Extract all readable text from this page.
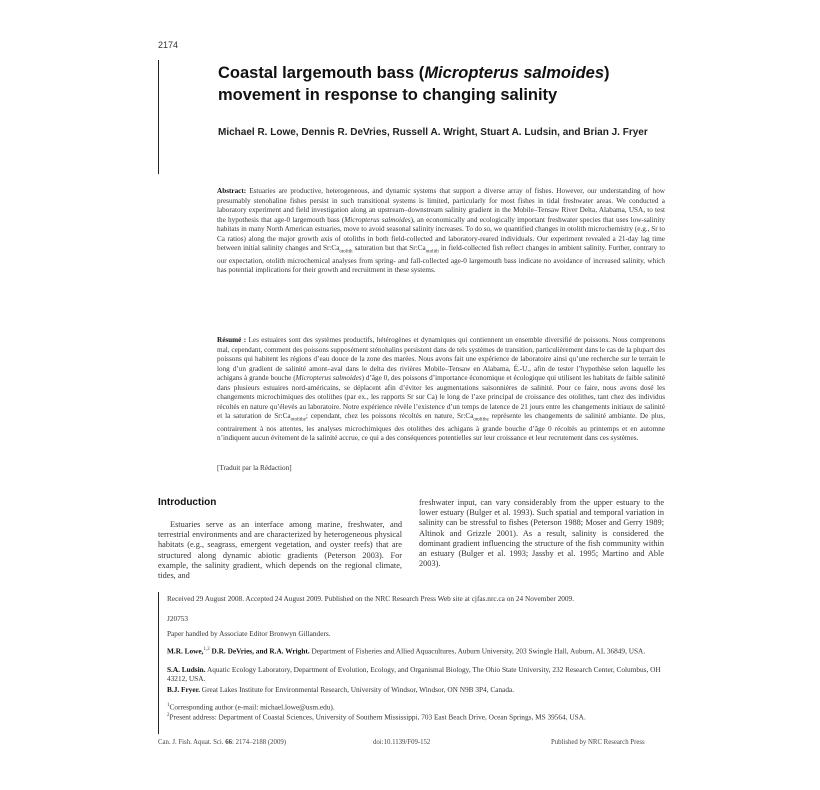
2174
Coastal largemouth bass (Micropterus salmoides) movement in response to changing salinity
Michael R. Lowe, Dennis R. DeVries, Russell A. Wright, Stuart A. Ludsin, and Brian J. Fryer
Abstract: Estuaries are productive, heterogeneous, and dynamic systems that support a diverse array of fishes. However, our understanding of how presumably stenohaline fishes persist in such transitional systems is limited, particularly for most fishes in tidal freshwater areas. We conducted a laboratory experiment and field investigation along an upstream–downstream salinity gradient in the Mobile–Tensaw River Delta, Alabama, USA, to test the hypothesis that age-0 largemouth bass (Micropterus salmoides), an economically and ecologically important freshwater species that uses low-salinity habitats in many North American estuaries, move to avoid seasonal salinity increases. To do so, we quantified changes in otolith microchemistry (e.g., Sr to Ca ratios) along the major growth axis of otoliths in both field-collected and laboratory-reared individuals. Our experiment revealed a 21-day lag time between initial salinity changes and $Sr:Ca_{otolith}$ saturation but that $Sr:Ca_{otolith}$ in field-collected fish reflect changes in ambient salinity. Further, contrary to our expectation, otolith microchemical analyses from spring- and fall-collected age-0 largemouth bass indicate no avoidance of increased salinity, which has potential implications for their growth and recruitment in these systems.
Résumé : Les estuaires sont des systèmes productifs, hétérogènes et dynamiques qui contiennent un ensemble diversifié de poissons. Nous comprenons mal, cependant, comment des poissons supposément sténohalins persistent dans de tels systèmes de transition, particulièrement dans le cas de la plupart des poissons qui habitent les régions d’eau douce de la zone des marées. Nous avons fait une expérience de laboratoire ainsi qu’une recherche sur le terrain le long d’un gradient de salinité amont–aval dans le delta des rivières Mobile–Tensaw en Alabama, É.-U., afin de tester l’hypothèse selon laquelle les achigans à grande bouche (Micropterus salmoides) d’âge 0, des poissons d’importance économique et écologique qui utilisent les habitats de faible salinité dans plusieurs estuaires nord-américains, se déplacent afin d’éviter les augmentations saisonnières de salinité. Pour ce faire, nous avons dosé les changements microchimiques des otolithes (par ex., les rapports Sr sur Ca) le long de l’axe principal de croissance des otolithes, tant chez des individus récoltés en nature qu’élevés au laboratoire. Notre expérience révèle l’existence d’un temps de latence de 21 jours entre les changements initiaux de salinité et la saturation de $Sr:Ca_{otolithe}$; cependant, chez les poissons récoltés en nature, $Sr:Ca_{otolithe}$ représente les changements de salinité ambiante. De plus, contrairement à nos attentes, les analyses microchimiques des otolithes des achigans à grande bouche d’âge 0 récoltés au printemps et en automne n’indiquent aucun évitement de la salinité accrue, ce qui a des conséquences potentielles sur leur croissance et leur recrutement dans ces systèmes.
[Traduit par la Rédaction]
Introduction
Estuaries serve as an interface among marine, freshwater, and terrestrial environments and are characterized by heterogeneous physical habitats (e.g., seagrass, emergent vegetation, and oyster reefs) that are structured along dynamic abiotic gradients (Peterson 2003). For example, the salinity gradient, which depends on the regional climate, tides, and
freshwater input, can vary considerably from the upper estuary to the lower estuary (Bulger et al. 1993). Such spatial and temporal variation in salinity can be stressful to fishes (Peterson 1988; Moser and Gerry 1989; Altinok and Grizzle 2001). As a result, salinity is considered the dominant gradient influencing the structure of the fish community within an estuary (Bulger et al. 1993; Jassby et al. 1995; Martino and Able 2003).
Received 29 August 2008. Accepted 24 August 2009. Published on the NRC Research Press Web site at cjfas.nrc.ca on 24 November 2009.
J20753
Paper handled by Associate Editor Bronwyn Gillanders.
M.R. Lowe,$^{1,2}$ D.R. DeVries, and R.A. Wright. Department of Fisheries and Allied Aquacultures, Auburn University, 203 Swingle Hall, Auburn, AL 36849, USA.
S.A. Ludsin. Aquatic Ecology Laboratory, Department of Evolution, Ecology, and Organismal Biology, The Ohio State University, 232 Research Center, Columbus, OH 43212, USA.
B.J. Fryer. Great Lakes Institute for Environmental Research, University of Windsor, Windsor, ON N9B 3P4, Canada.
$^1$Corresponding author (e-mail: michael.lowe@usm.edu).
$^2$Present address: Department of Coastal Sciences, University of Southern Mississippi, 703 East Beach Drive, Ocean Springs, MS 39564, USA.
Can. J. Fish. Aquat. Sci. 66: 2174–2188 (2009)	doi:10.1139/F09-152	Published by NRC Research Press
